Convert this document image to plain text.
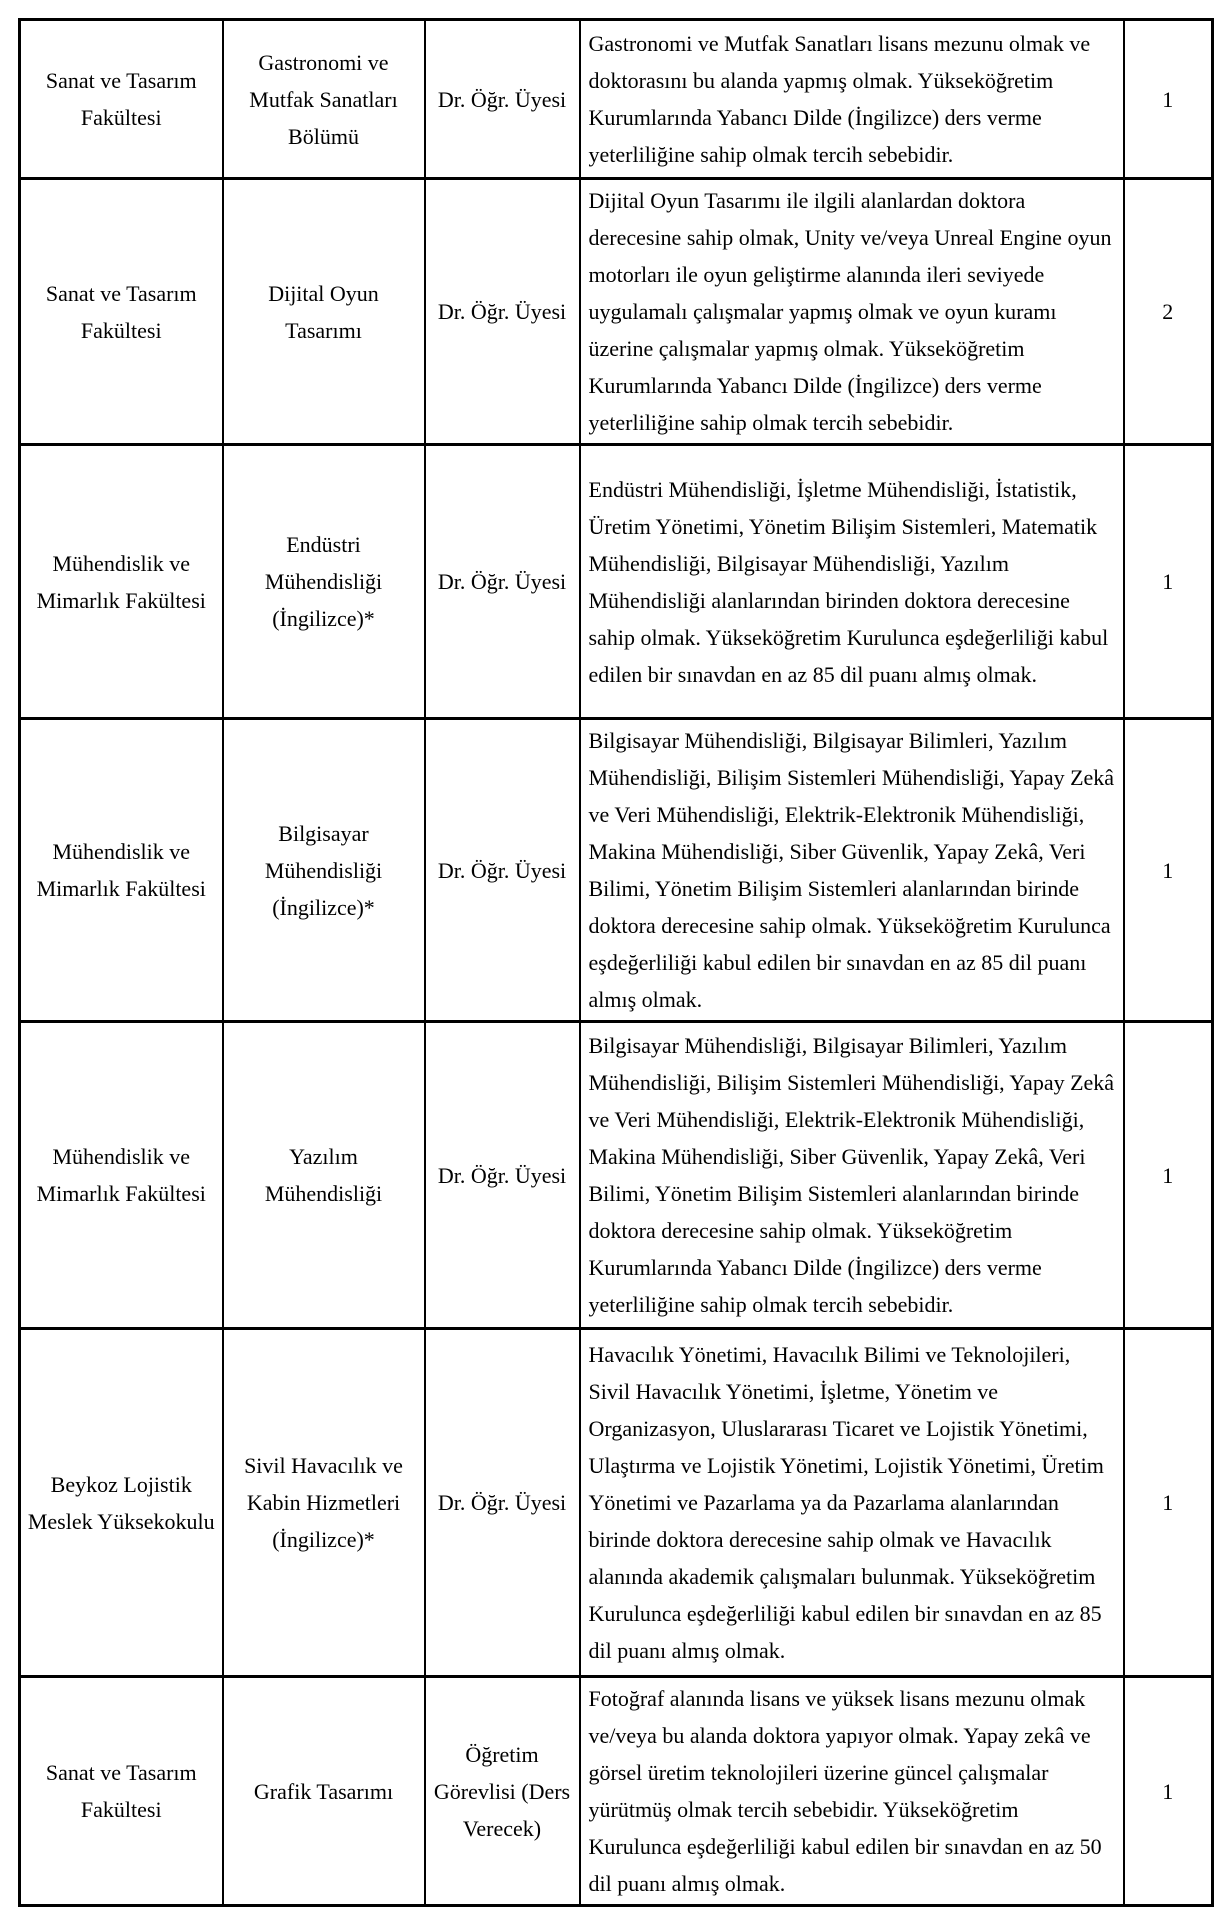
Sanat ve Tasarım Fakültesi	Gastronomi ve Mutfak Sanatları Bölümü	Dr. Öğr. Üyesi	Gastronomi ve Mutfak Sanatları lisans mezunu olmak ve doktorasını bu alanda yapmış olmak. Yükseköğretim Kurumlarında Yabancı Dilde (İngilizce) ders verme yeterliliğine sahip olmak tercih sebebidir.	1
Sanat ve Tasarım Fakültesi	Dijital Oyun Tasarımı	Dr. Öğr. Üyesi	Dijital Oyun Tasarımı ile ilgili alanlardan doktora derecesine sahip olmak, Unity ve/veya Unreal Engine oyun motorları ile oyun geliştirme alanında ileri seviyede uygulamalı çalışmalar yapmış olmak ve oyun kuramı üzerine çalışmalar yapmış olmak. Yükseköğretim Kurumlarında Yabancı Dilde (İngilizce) ders verme yeterliliğine sahip olmak tercih sebebidir.	2
Mühendislik ve Mimarlık Fakültesi	Endüstri Mühendisliği (İngilizce)*	Dr. Öğr. Üyesi	Endüstri Mühendisliği, İşletme Mühendisliği, İstatistik, Üretim Yönetimi, Yönetim Bilişim Sistemleri, Matematik Mühendisliği, Bilgisayar Mühendisliği, Yazılım Mühendisliği alanlarından birinden doktora derecesine sahip olmak. Yükseköğretim Kurulunca eşdeğerliliği kabul edilen bir sınavdan en az 85 dil puanı almış olmak.	1
Mühendislik ve Mimarlık Fakültesi	Bilgisayar Mühendisliği (İngilizce)*	Dr. Öğr. Üyesi	Bilgisayar Mühendisliği, Bilgisayar Bilimleri, Yazılım Mühendisliği, Bilişim Sistemleri Mühendisliği, Yapay Zekâ ve Veri Mühendisliği, Elektrik-Elektronik Mühendisliği, Makina Mühendisliği, Siber Güvenlik, Yapay Zekâ, Veri Bilimi, Yönetim Bilişim Sistemleri alanlarından birinde doktora derecesine sahip olmak. Yükseköğretim Kurulunca eşdeğerliliği kabul edilen bir sınavdan en az 85 dil puanı almış olmak.	1
Mühendislik ve Mimarlık Fakültesi	Yazılım Mühendisliği	Dr. Öğr. Üyesi	Bilgisayar Mühendisliği, Bilgisayar Bilimleri, Yazılım Mühendisliği, Bilişim Sistemleri Mühendisliği, Yapay Zekâ ve Veri Mühendisliği, Elektrik-Elektronik Mühendisliği, Makina Mühendisliği, Siber Güvenlik, Yapay Zekâ, Veri Bilimi, Yönetim Bilişim Sistemleri alanlarından birinde doktora derecesine sahip olmak. Yükseköğretim Kurumlarında Yabancı Dilde (İngilizce) ders verme yeterliliğine sahip olmak tercih sebebidir.	1
Beykoz Lojistik Meslek Yüksekokulu	Sivil Havacılık ve Kabin Hizmetleri (İngilizce)*	Dr. Öğr. Üyesi	Havacılık Yönetimi, Havacılık Bilimi ve Teknolojileri, Sivil Havacılık Yönetimi, İşletme, Yönetim ve Organizasyon, Uluslararası Ticaret ve Lojistik Yönetimi, Ulaştırma ve Lojistik Yönetimi, Lojistik Yönetimi, Üretim Yönetimi ve Pazarlama ya da Pazarlama alanlarından birinde doktora derecesine sahip olmak ve Havacılık alanında akademik çalışmaları bulunmak. Yükseköğretim Kurulunca eşdeğerliliği kabul edilen bir sınavdan en az 85 dil puanı almış olmak.	1
Sanat ve Tasarım Fakültesi	Grafik Tasarımı	Öğretim Görevlisi (Ders Verecek)	Fotoğraf alanında lisans ve yüksek lisans mezunu olmak ve/veya bu alanda doktora yapıyor olmak. Yapay zekâ ve görsel üretim teknolojileri üzerine güncel çalışmalar yürütmüş olmak tercih sebebidir. Yükseköğretim Kurulunca eşdeğerliliği kabul edilen bir sınavdan en az 50 dil puanı almış olmak.	1
